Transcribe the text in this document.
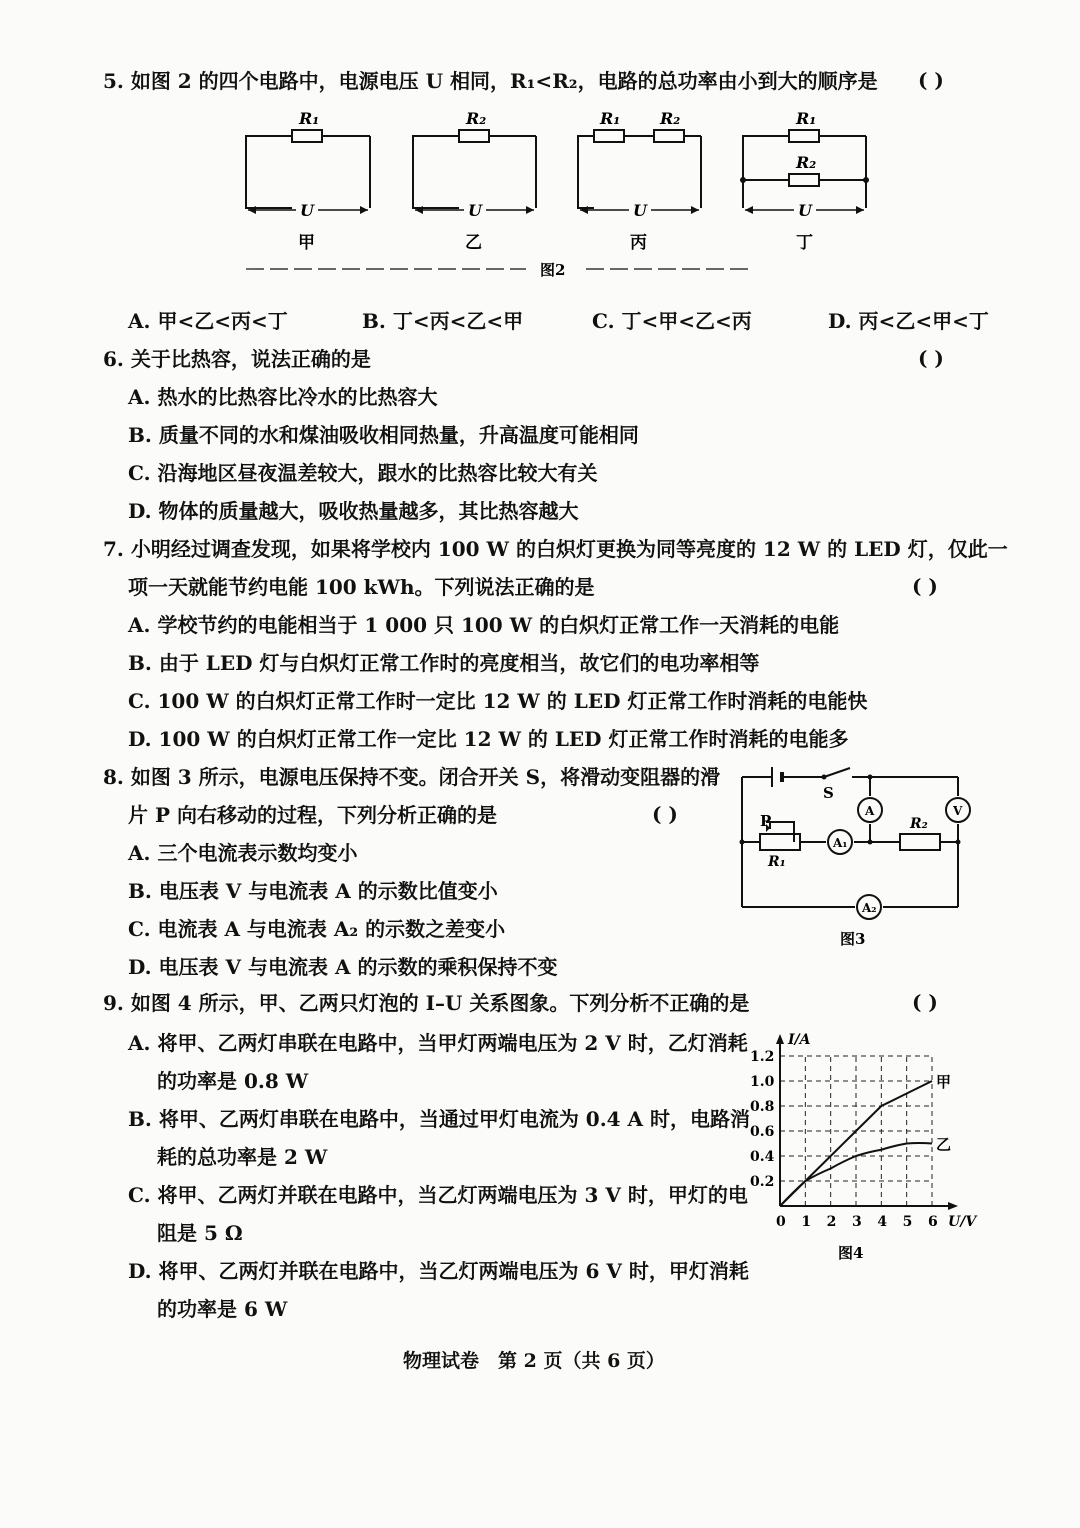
5. 如图 2 的四个电路中，电源电压 U 相同，R₁<R₂，电路的总功率由小到大的顺序是 ( )
R₁	R₂	R₁ R₂	R₁
R₂
U	U	U	U
甲	乙	丙	丁
图2
A. 甲<乙<丙<丁	B. 丁<丙<乙<甲	C. 丁<甲<乙<丙	D. 丙<乙<甲<丁
6. 关于比热容，说法正确的是	( )
A. 热水的比热容比冷水的比热容大
B. 质量不同的水和煤油吸收相同热量，升高温度可能相同
C. 沿海地区昼夜温差较大，跟水的比热容比较大有关
D. 物体的质量越大，吸收热量越多，其比热容越大
7. 小明经过调查发现，如果将学校内 100 W 的白炽灯更换为同等亮度的 12 W 的 LED 灯，仅此一
项一天就能节约电能 100 kWh。下列说法正确的是	( )
A. 学校节约的电能相当于 1 000 只 100 W 的白炽灯正常工作一天消耗的电能
B. 由于 LED 灯与白炽灯正常工作时的亮度相当，故它们的电功率相等
C. 100 W 的白炽灯正常工作时一定比 12 W 的 LED 灯正常工作时消耗的电能快
D. 100 W 的白炽灯正常工作一定比 12 W 的 LED 灯正常工作时消耗的电能多
8. 如图 3 所示，电源电压保持不变。闭合开关 S，将滑动变阻器的滑
片 P 向右移动的过程，下列分析正确的是	( )
A. 三个电流表示数均变小
B. 电压表 V 与电流表 A 的示数比值变小
C. 电流表 A 与电流表 A₂ 的示数之差变小
D. 电压表 V 与电流表 A 的示数的乘积保持不变
S
P
R₁
R₂
A
A₁
A₂
V
图3
9. 如图 4 所示，甲、乙两只灯泡的 I–U 关系图象。下列分析不正确的是	( )
A. 将甲、乙两灯串联在电路中，当甲灯两端电压为 2 V 时，乙灯消耗
的功率是 0.8 W
B. 将甲、乙两灯串联在电路中，当通过甲灯电流为 0.4 A 时，电路消
耗的总功率是 2 W
C. 将甲、乙两灯并联在电路中，当乙灯两端电压为 3 V 时，甲灯的电
阻是 5 Ω
D. 将甲、乙两灯并联在电路中，当乙灯两端电压为 6 V 时，甲灯消耗
的功率是 6 W
0 1 2 3 4 5 6
0.2
0.4
0.6
0.8
1.0
1.2
甲
乙
I/A
U/V
图4
物理试卷　第 2 页（共 6 页）
